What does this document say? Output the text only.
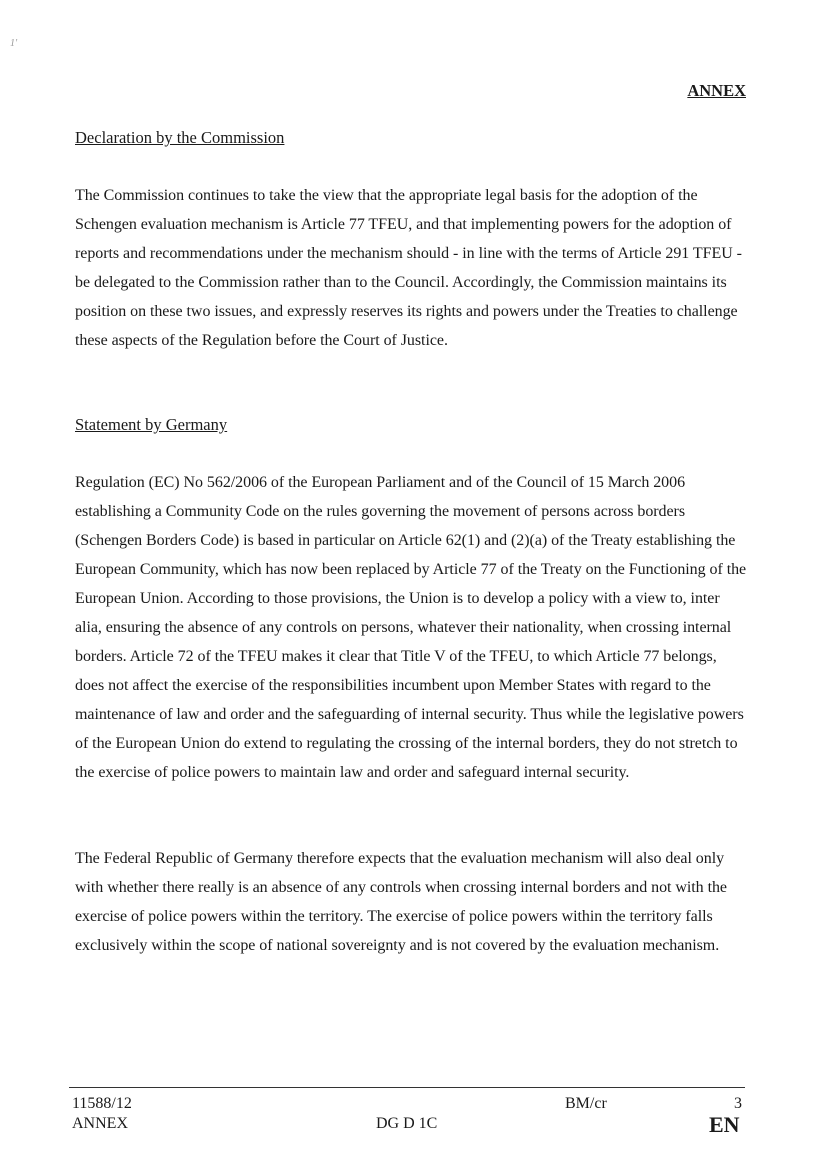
1'
ANNEX
Declaration by the Commission

The Commission continues to take the view that the appropriate legal basis for the adoption of the Schengen evaluation mechanism is Article 77 TFEU, and that implementing powers for the adoption of reports and recommendations under the mechanism should - in line with the terms of Article 291 TFEU - be delegated to the Commission rather than to the Council. Accordingly, the Commission maintains its position on these two issues, and expressly reserves its rights and powers under the Treaties to challenge these aspects of the Regulation before the Court of Justice.

Statement by Germany

Regulation (EC) No 562/2006 of the European Parliament and of the Council of 15 March 2006 establishing a Community Code on the rules governing the movement of persons across borders (Schengen Borders Code) is based in particular on Article 62(1) and (2)(a) of the Treaty establishing the European Community, which has now been replaced by Article 77 of the Treaty on the Functioning of the European Union. According to those provisions, the Union is to develop a policy with a view to, inter alia, ensuring the absence of any controls on persons, whatever their nationality, when crossing internal borders. Article 72 of the TFEU makes it clear that Title V of the TFEU, to which Article 77 belongs, does not affect the exercise of the responsibilities incumbent upon Member States with regard to the maintenance of law and order and the safeguarding of internal security. Thus while the legislative powers of the European Union do extend to regulating the crossing of the internal borders, they do not stretch to the exercise of police powers to maintain law and order and safeguard internal security.

The Federal Republic of Germany therefore expects that the evaluation mechanism will also deal only with whether there really is an absence of any controls when crossing internal borders and not with the exercise of police powers within the territory. The exercise of police powers within the territory falls exclusively within the scope of national sovereignty and is not covered by the evaluation mechanism.

11588/12
ANNEX	DG D 1C
BM/cr	3
EN
